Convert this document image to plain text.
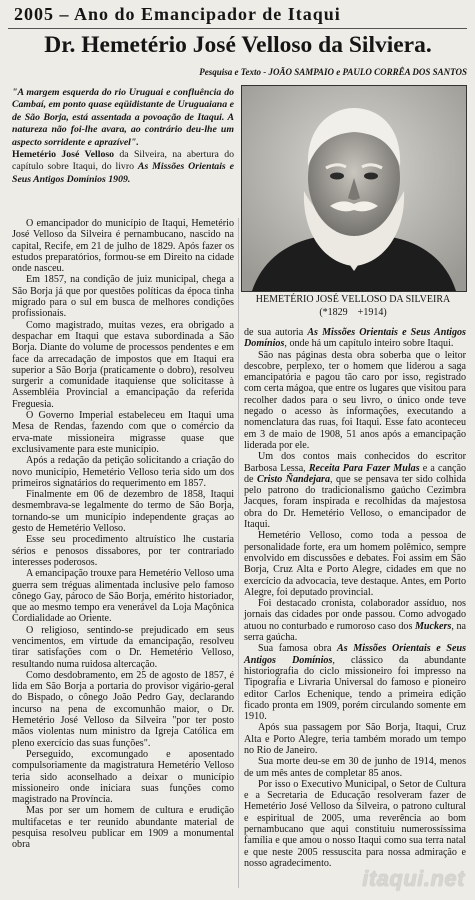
2005 – Ano do Emancipador de Itaqui
Dr. Hemetério José Velloso da Silviera.
Pesquisa e Texto - JOÃO SAMPAIO e PAULO CORRÊA DOS SANTOS
"A margem esquerda do rio Uruguai e confluência do Cambaí, em ponto quase eqüidistante de Uruguaiana e de São Borja, está assentada a povoação de Itaqui. A natureza não foi-lhe avara, ao contrário deu-lhe um aspecto sorridente e aprazível".
Hemetério José Velloso da Silveira, na abertura do capítulo sobre Itaqui, do livro As Missões Orientais e Seus Antigos Domínios 1909.
HEMETÉRIO JOSÉ VELLOSO DA SILVEIRA
(*1829    +1914)

O emancipador do município de Itaqui, Hemetério José Velloso da Silveira é pernambucano, nascido na capital, Recife, em 21 de julho de 1829. Após fazer os estudos preparatórios, formou-se em Direito na cidade onde nasceu.

Em 1857, na condição de juiz municipal, chega a São Borja já que por questões políticas da época tinha migrado para o sul em busca de melhores condições profissionais.

Como magistrado, muitas vezes, era obrigado a despachar em Itaqui que estava subordinada a São Borja. Diante do volume de processos pendentes e em face da arrecadação de impostos que em Itaqui era superior a São Borja (praticamente o dobro), resolveu surgerir a comunidade itaquiense que solicitasse à Assembléia Provincial a emancipação da referida Freguesia.

O Governo Imperial estabeleceu em Itaqui uma Mesa de Rendas, fazendo com que o comércio da erva-mate missioneira migrasse quase que exclusivamente para este município.

Após a redação da petição solicitando a criação do novo município, Hemetério Velloso teria sido um dos primeiros signatários do requerimento em 1857.

Finalmente em 06 de dezembro de 1858, Itaqui desmembrava-se legalmente do termo de São Borja, tornando-se um município independente graças ao gesto de Hemetério Velloso.

Esse seu procedimento altruístico lhe custaria sérios e penosos dissabores, por ter contrariado interesses poderosos.

A emancipação trouxe para Hemetério Velloso uma guerra sem tréguas alimentada inclusive pelo famoso cônego Gay, pároco de São Borja, emérito historiador, que ao mesmo tempo era venerável da Loja Maçônica Cordialidade ao Oriente.

O religioso, sentindo-se prejudicado em seus vencimentos, em virtude da emancipação, resolveu tirar satisfações com o Dr. Hemetério Velloso, resultando numa ruidosa altercação.

Como desdobramento, em 25 de agosto de 1857, é lida em São Borja a portaria do provisor vigário-geral do Bispado, o cônego João Pedro Gay, declarando incurso na pena de excomunhão maior, o Dr. Hemetério José Velloso da Silveira "por ter posto mãos violentas num ministro da Igreja Católica em pleno exercício das suas funções".

Perseguido, excomungado e aposentado compulsoriamente da magistratura Hemetério Velloso teria sido aconselhado a deixar o município missioneiro onde iniciara suas funções como magistrado na Província.

Mas por ser um homem de cultura e erudição multifacetas e ter reunido abundante material de pesquisa resolveu publicar em 1909 a monumental obra

de sua autoria As Missões Orientais e Seus Antigos Domínios, onde há um capítulo inteiro sobre Itaqui.

São nas páginas desta obra soberba que o leitor descobre, perplexo, ter o homem que liderou a saga emancipatória e pagou tão caro por isso, registrado com certa mágoa, que entre os lugares que visitou para recolher dados para o seu livro, o único onde teve negado o acesso às informações, executando a nomenclatura das ruas, foi Itaqui. Esse fato aconteceu em 3 de maio de 1908, 51 anos após a emancipação liderada por ele.

Um dos contos mais conhecidos do escritor Barbosa Lessa, Receita Para Fazer Mulas e a canção de Cristo Ñandejara, que se pensava ter sido colhida pelo patrono do tradicionalismo gaúcho Cezimbra Jacques, foram inspirada e recolhidas da majestosa obra do Dr. Hemetério Velloso, o emancipador de Itaqui.

Hemetério Velloso, como toda a pessoa de personalidade forte, era um homem polêmico, sempre envolvido em discussões e debates. Foi assim em São Borja, Cruz Alta e Porto Alegre, cidades em que no exercício da advocacia, teve destaque. Antes, em Porto Alegre, foi deputado provincial.

Foi destacado cronista, colaborador assíduo, nos jornais das cidades por onde passou. Como advogado atuou no conturbado e rumoroso caso dos Muckers, na serra gaúcha.

Sua famosa obra As Missões Orientais e Seus Antigos Domínios, clássico da abundante historiografia do ciclo missioneiro foi impresso na Tipografia e Livraria Universal do famoso e pioneiro editor Carlos Echenique, tendo a primeira edição ficado pronta em 1909, porém circulando somente em 1910.

Após sua passagem por São Borja, Itaqui, Cruz Alta e Porto Alegre, teria também morado um tempo no Rio de Janeiro.

Sua morte deu-se em 30 de junho de 1914, menos de um mês antes de completar 85 anos.

Por isso o Executivo Municipal, o Setor de Cultura e a Secretaria de Educação resolveram fazer de Hemetério José Velloso da Silveira, o patrono cultural e espiritual de 2005, uma reverência ao bom pernambucano que aqui constituiu numerossíssima família e que amou o nosso Itaqui como sua terra natal e que neste 2005 ressuscita para nossa admiração e nosso agradecimento.

itaqui.net
